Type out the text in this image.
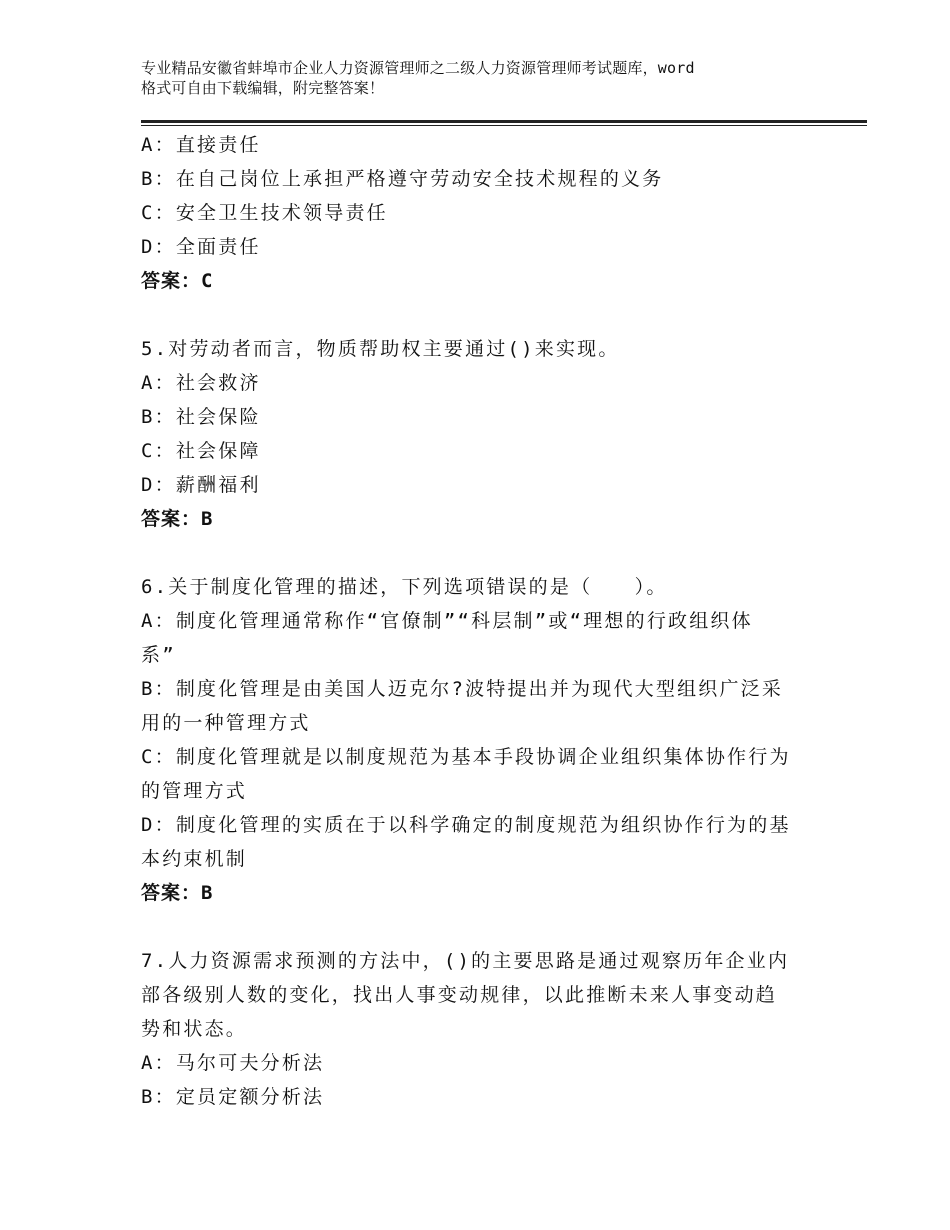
专业精品安徽省蚌埠市企业人力资源管理师之二级人力资源管理师考试题库，word
格式可自由下载编辑，附完整答案！
A：直接责任
B：在自己岗位上承担严格遵守劳动安全技术规程的义务
C：安全卫生技术领导责任
D：全面责任
答案：C
5.对劳动者而言，物质帮助权主要通过()来实现。
A：社会救济
B：社会保险
C：社会保障
D：薪酬福利
答案：B
6.关于制度化管理的描述，下列选项错误的是（　　）。
A：制度化管理通常称作“官僚制”“科层制”或“理想的行政组织体
系”
B：制度化管理是由美国人迈克尔?波特提出并为现代大型组织广泛采
用的一种管理方式
C：制度化管理就是以制度规范为基本手段协调企业组织集体协作行为
的管理方式
D：制度化管理的实质在于以科学确定的制度规范为组织协作行为的基
本约束机制
答案：B
7.人力资源需求预测的方法中，()的主要思路是通过观察历年企业内
部各级别人数的变化，找出人事变动规律，以此推断未来人事变动趋
势和状态。
A：马尔可夫分析法
B：定员定额分析法
